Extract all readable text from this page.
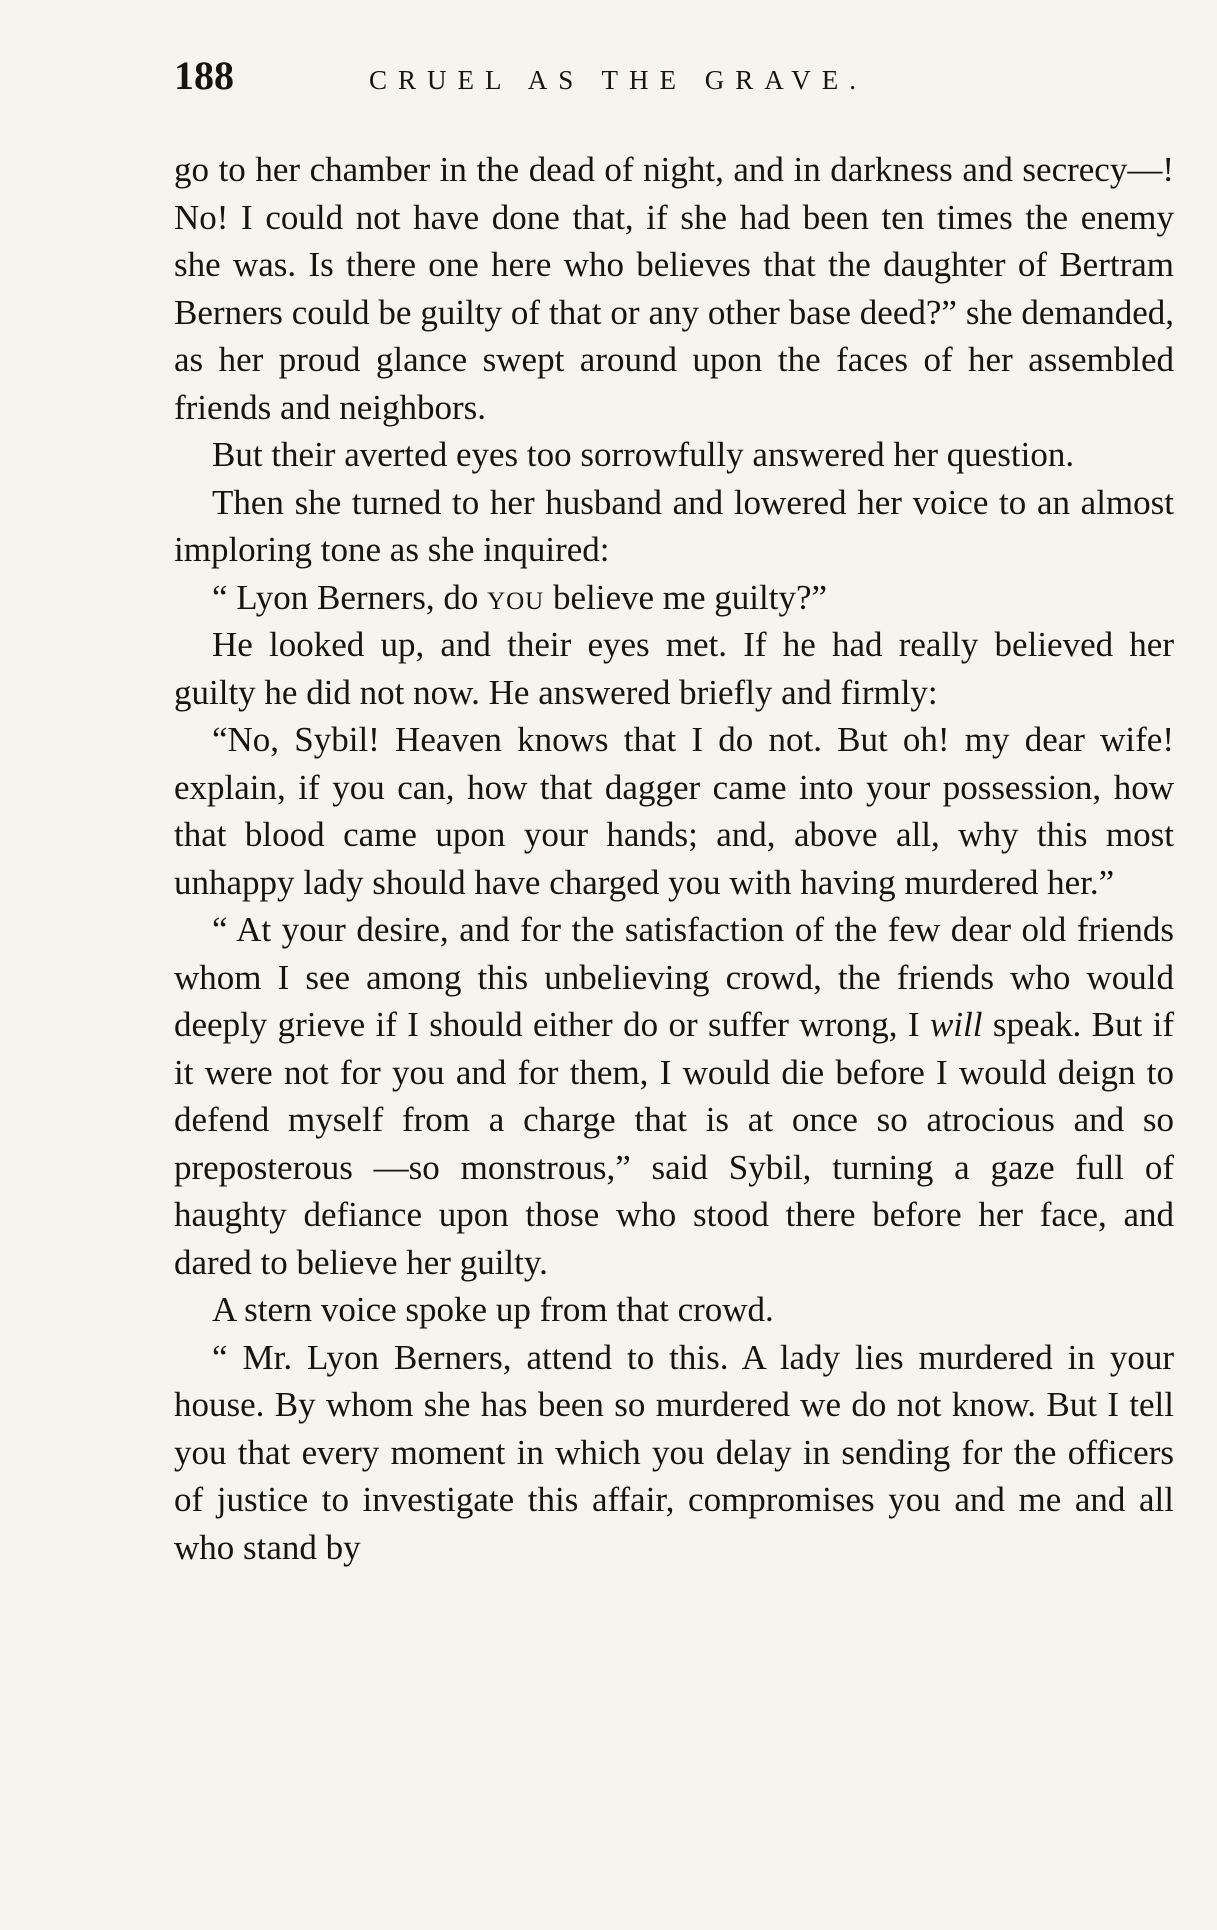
188	CRUEL AS THE GRAVE.

go to her chamber in the dead of night, and in darkness and secrecy—! No! I could not have done that, if she had been ten times the enemy she was. Is there one here who believes that the daughter of Bertram Berners could be guilty of that or any other base deed?” she demanded, as her proud glance swept around upon the faces of her assembled friends and neighbors.

But their averted eyes too sorrowfully answered her question.

Then she turned to her husband and lowered her voice to an almost imploring tone as she inquired:

“ Lyon Berners, do you believe me guilty?”

He looked up, and their eyes met. If he had really believed her guilty he did not now. He answered briefly and firmly:

“No, Sybil! Heaven knows that I do not. But oh! my dear wife! explain, if you can, how that dagger came into your possession, how that blood came upon your hands; and, above all, why this most unhappy lady should have charged you with having murdered her.”

“ At your desire, and for the satisfaction of the few dear old friends whom I see among this unbelieving crowd, the friends who would deeply grieve if I should either do or suffer wrong, I will speak. But if it were not for you and for them, I would die before I would deign to defend myself from a charge that is at once so atrocious and so preposterous —so monstrous,” said Sybil, turning a gaze full of haughty defiance upon those who stood there before her face, and dared to believe her guilty.

A stern voice spoke up from that crowd.

“ Mr. Lyon Berners, attend to this. A lady lies murdered in your house. By whom she has been so murdered we do not know. But I tell you that every moment in which you delay in sending for the officers of justice to investigate this affair, compromises you and me and all who stand by
